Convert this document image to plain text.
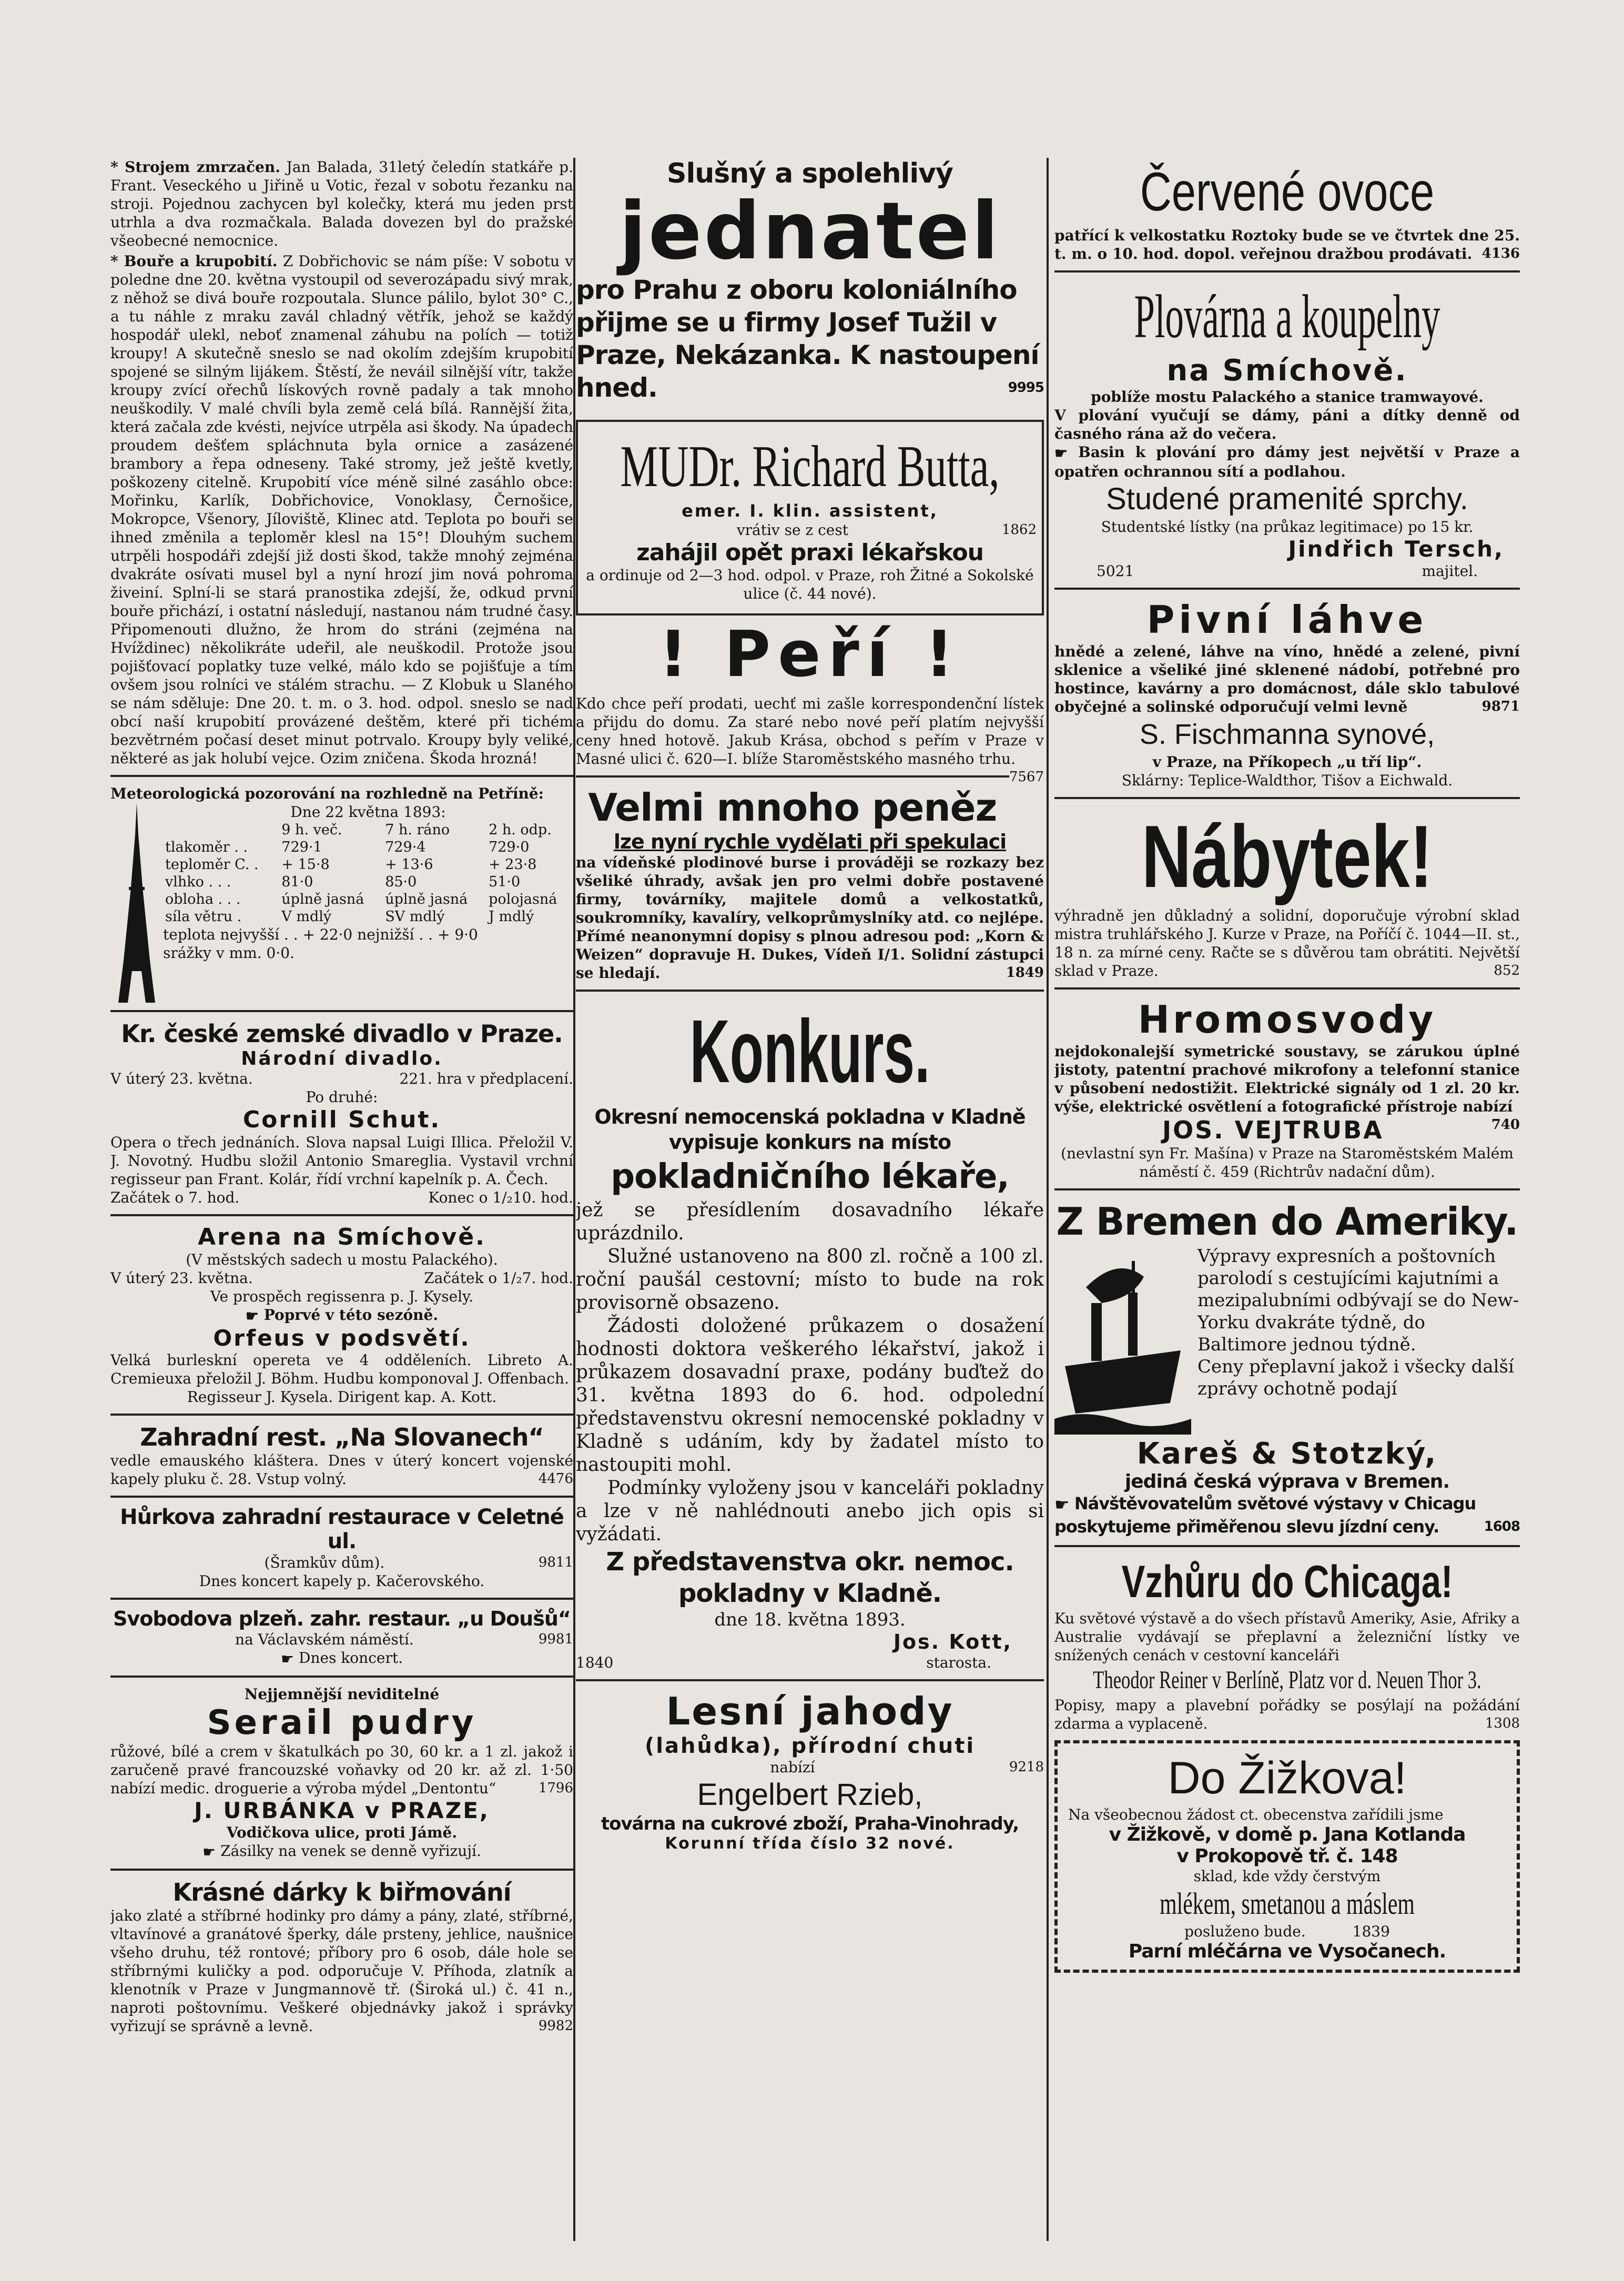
* Strojem zmrzačen. Jan Balada, 31letý čeledín statkáře p. Frant. Veseckého u Jiřině u Votic, řezal v sobotu řezanku na stroji. Pojednou zachycen byl kolečky, která mu jeden prst utrhla a dva rozmačkala. Balada dovezen byl do pražské všeobecné nemocnice.

* Bouře a krupobití. Z Dobřichovic se nám píše: V sobotu v poledne dne 20. května vystoupil od severozápadu sivý mrak, z něhož se divá bouře rozpoutala. Slunce pálilo, bylot 30° C., a tu náhle z mraku zavál chladný větřík, jehož se každý hospodář ulekl, neboť znamenal záhubu na polích — totiž kroupy! A skutečně sneslo se nad okolím zdejším krupobití spojené se silným lijákem. Štěstí, že neváil silnější vítr, takže kroupy zvící ořechů lískových rovně padaly a tak mnoho neuškodily. V malé chvíli byla země celá bílá. Rannější žita, která začala zde kvésti, nejvíce utrpěla asi škody. Na úpadech proudem dešťem spláchnuta byla ornice a zasázené brambory a řepa odneseny. Také stromy, jež ještě kvetly, poškozeny citelně. Krupobití více méně silné zasáhlo obce: Mořinku, Karlík, Dobřichovice, Vonoklasy, Černošice, Mokropce, Všenory, Jíloviště, Klinec atd. Teplota po bouři se ihned změnila a teploměr klesl na 15°! Dlouhým suchem utrpěli hospodáři zdejší již dosti škod, takže mnohý zejména dvakráte osívati musel byl a nyní hrozí jim nová pohroma živeiní. Splní-li se stará pranostika zdejší, že, odkud první bouře přichází, i ostatní následují, nastanou nám trudné časy. Připomenouti dlužno, že hrom do stráni (zejména na Hvíždinec) několikráte udeřil, ale neuškodil. Protože jsou pojišťovací poplatky tuze velké, málo kdo se pojišťuje a tím ovšem jsou rolníci ve stálém strachu. — Z Klobuk u Slaného se nám sděluje: Dne 20. t. m. o 3. hod. odpol. sneslo se nad obcí naší krupobití provázené deštěm, které při tichém bezvětrném počasí deset minut potrvalo. Kroupy byly veliké, některé as jak holubí vejce. Ozim zničena. Škoda hrozná!

Meteorologická pozorování na rozhledně na Petříně:

Dne 22 května 1893:

	9 h. več.	7 h. ráno	2 h. odp.
tlakoměr . .	729·1	729·4	729·0
teploměr C. .	+ 15·8	+ 13·6	+ 23·8
vlhko . . .	81·0	85·0	51·0
obloha . . .	úplně jasná	úplně jasná	polojasná
síla větru .	V mdlý	SV mdlý	J mdlý

teplota nejvyšší . . + 22·0 nejnižší . . + 9·0

srážky v mm. 0·0.

Kr. české zemské divadlo v Praze.

Národní divadlo.

V úterý 23. května.	221. hra v předplacení.

Po druhé:

Cornill Schut.

Opera o třech jednáních. Slova napsal Luigi Illica. Přeložil V. J. Novotný. Hudbu složil Antonio Smareglia. Vystavil vrchní regisseur pan Frant. Kolár, řídí vrchní kapelník p. A. Čech.

Začátek o 7. hod.	Konec o 1/₂10. hod.

Arena na Smíchově.

(V městských sadech u mostu Palackého).

V úterý 23. května.	Začátek o 1/₂7. hod.

Ve prospěch regissenra p. J. Kysely.

☛ Poprvé v této sezóně.

Orfeus v podsvětí.

Velká burleskní opereta ve 4 odděleních. Libreto A. Cremieuxa přeložil J. Böhm. Hudbu komponoval J. Offenbach.

Regisseur J. Kysela. Dirigent kap. A. Kott.

Zahradní rest. „Na Slovanech“

vedle emauského kláštera. Dnes v úterý koncert vojenské kapely pluku č. 28. Vstup volný.	4476

Hůrkova zahradní restaurace v Celetné ul.

(Šramkův dům).	9811

Dnes koncert kapely p. Kačerovského.

Svobodova plzeň. zahr. restaur. „u Doušů“

na Václavském náměstí.	9981

☛ Dnes koncert.

Nejjemnější neviditelné

Serail pudry

růžové, bílé a crem v škatulkách po 30, 60 kr. a 1 zl. jakož i zaručeně pravé francouzské voňavky od 20 kr. až zl. 1·50 nabízí medic. droguerie a výroba mýdel „Dentontu“	1796

J. URBÁNKA v PRAZE,

Vodičkova ulice, proti Jámě.

☛ Zásilky na venek se denně vyřizují.

Krásné dárky k biřmování

jako zlaté a stříbrné hodinky pro dámy a pány, zlaté, stříbrné, vltavínové a granátové šperky, dále prsteny, jehlice, naušnice všeho druhu, též rontové; příbory pro 6 osob, dále hole se stříbrnými kuličky a pod. odporučuje V. Příhoda, zlatník a klenotník v Praze v Jungmannově tř. (Široká ul.) č. 41 n., naproti poštovnímu. Veškeré objednávky jakož i správky vyřizují se správně a levně.	9982

Slušný a spolehlivý

jednatel

pro Prahu z oboru koloniálního přijme se u firmy Josef Tužil v Praze, Nekázanka. K nastoupení hned.	9995

MUDr. Richard Butta,

emer. I. klin. assistent,

vrátiv se z cest	1862

zahájil opět praxi lékařskou

a ordinuje od 2—3 hod. odpol. v Praze, roh Žitné a Sokolské ulice (č. 44 nové).

! Peří !

Kdo chce peří prodati, uechť mi zašle korrespondenční lístek a přijdu do domu. Za staré nebo nové peří platím nejvyšší ceny hned hotově. Jakub Krása, obchod s peřím v Praze v Masné ulici č. 620—I. blíže Staroměstského masného trhu.
7567

Velmi mnoho peněz

lze nyní rychle vydělati při spekulaci

na vídeňské plodinové burse i prováději se rozkazy bez všeliké úhrady, avšak jen pro velmi dobře postavené firmy, továrníky, majitele domů a velkostatků, soukromníky, kavalíry, velkoprůmyslníky atd. co nejlépe. Přímé neanonymní dopisy s plnou adresou pod: „Korn & Weizen“ dopravuje H. Dukes, Vídeň I/1. Solidní zástupci se hledají.	1849

Konkurs.

Okresní nemocenská pokladna v Kladně vypisuje konkurs na místo

pokladničního lékaře,

jež se přesídlením dosavadního lékaře uprázdnilo.

Služné ustanoveno na 800 zl. ročně a 100 zl. roční paušál cestovní; místo to bude na rok provisorně obsazeno.

Žádosti doložené průkazem o dosažení hodnosti doktora veškerého lékařství, jakož i průkazem dosavadní praxe, podány buďtež do 31. května 1893 do 6. hod. odpolední představenstvu okresní nemocenské pokladny v Kladně s udáním, kdy by žadatel místo to nastoupiti mohl.

Podmínky vyloženy jsou v kanceláři pokladny a lze v ně nahlédnouti anebo jich opis si vyžádati.

Z představenstva okr. nemoc. pokladny v Kladně.

dne 18. května 1893.

Jos. Kott,

1840	starosta.

Lesní jahody

(lahůdka), přírodní chuti

nabízí	9218

Engelbert Rzieb,

továrna na cukrové zboží, Praha-Vinohrady,

Korunní třída číslo 32 nové.

Červené ovoce

patřící k velkostatku Roztoky bude se ve čtvrtek dne 25. t. m. o 10. hod. dopol. veřejnou dražbou prodávati. 4136

Plovárna a koupelny

na Smíchově.

poblíže mostu Palackého a stanice tramwayové.

V plování vyučují se dámy, páni a dítky denně od časného rána až do večera.

☛ Basin k plování pro dámy jest největší v Praze a opatřen ochrannou sítí a podlahou.

Studené pramenité sprchy.

Studentské lístky (na průkaz legitimace) po 15 kr.

Jindřich Tersch,

5021	majitel.

Pivní láhve

hnědé a zelené, láhve na víno, hnědé a zelené, pivní sklenice a všeliké jiné sklenené nádobí, potřebné pro hostince, kavárny a pro domácnost, dále sklo tabulové obyčejné a solinské odporučují velmi levně	9871

S. Fischmanna synové,

v Praze, na Příkopech „u tří lip“.

Sklárny: Teplice-Waldthor, Tišov a Eichwald.

Nábytek!

výhradně jen důkladný a solidní, doporučuje výrobní sklad mistra truhlářského J. Kurze v Praze, na Poříčí č. 1044—II. st., 18 n. za mírné ceny. Račte se s důvěrou tam obrátiti. Největší sklad v Praze.	852

Hromosvody

nejdokonalejší symetrické soustavy, se zárukou úplné jistoty, patentní prachové mikrofony a telefonní stanice v působení nedostižit. Elektrické signály od 1 zl. 20 kr. výše, elektrické osvětlení a fotografické přístroje nabízí
740

JOS. VEJTRUBA

(nevlastní syn Fr. Mašína) v Praze na Staroměstském Malém náměstí č. 459 (Richtrův nadační dům).

Z Bremen do Ameriky.

Výpravy expresních a poštovních parolodí s cestujícími kajutními a mezipalubními odbývají se do New-Yorku dvakráte týdně, do Baltimore jednou týdně.

Ceny přeplavní jakož i všecky další zprávy ochotně podají

Kareš & Stotzký,

jediná česká výprava v Bremen.

☛ Návštěvovatelům světové výstavy v Chicagu poskytujeme přiměřenou slevu jízdní ceny.	1608

Vzhůru do Chicaga!

Ku světové výstavě a do všech přístavů Ameriky, Asie, Afriky a Australie vydávají se přeplavní a železniční lístky ve snížených cenách v cestovní kanceláři

Theodor Reiner v Berlíně, Platz vor d. Neuen Thor 3.

Popisy, mapy a plavební pořádky se posýlají na požádání zdarma a vyplaceně.	1308

Do Žižkova!

Na všeobecnou žádost ct. obecenstva zařídili jsme

v Žižkově, v domě p. Jana Kotlanda

v Prokopově tř. č. 148

sklad, kde vždy čerstvým

mlékem, smetanou a máslem

posluženo bude.	1839

Parní mléčárna ve Vysočanech.
